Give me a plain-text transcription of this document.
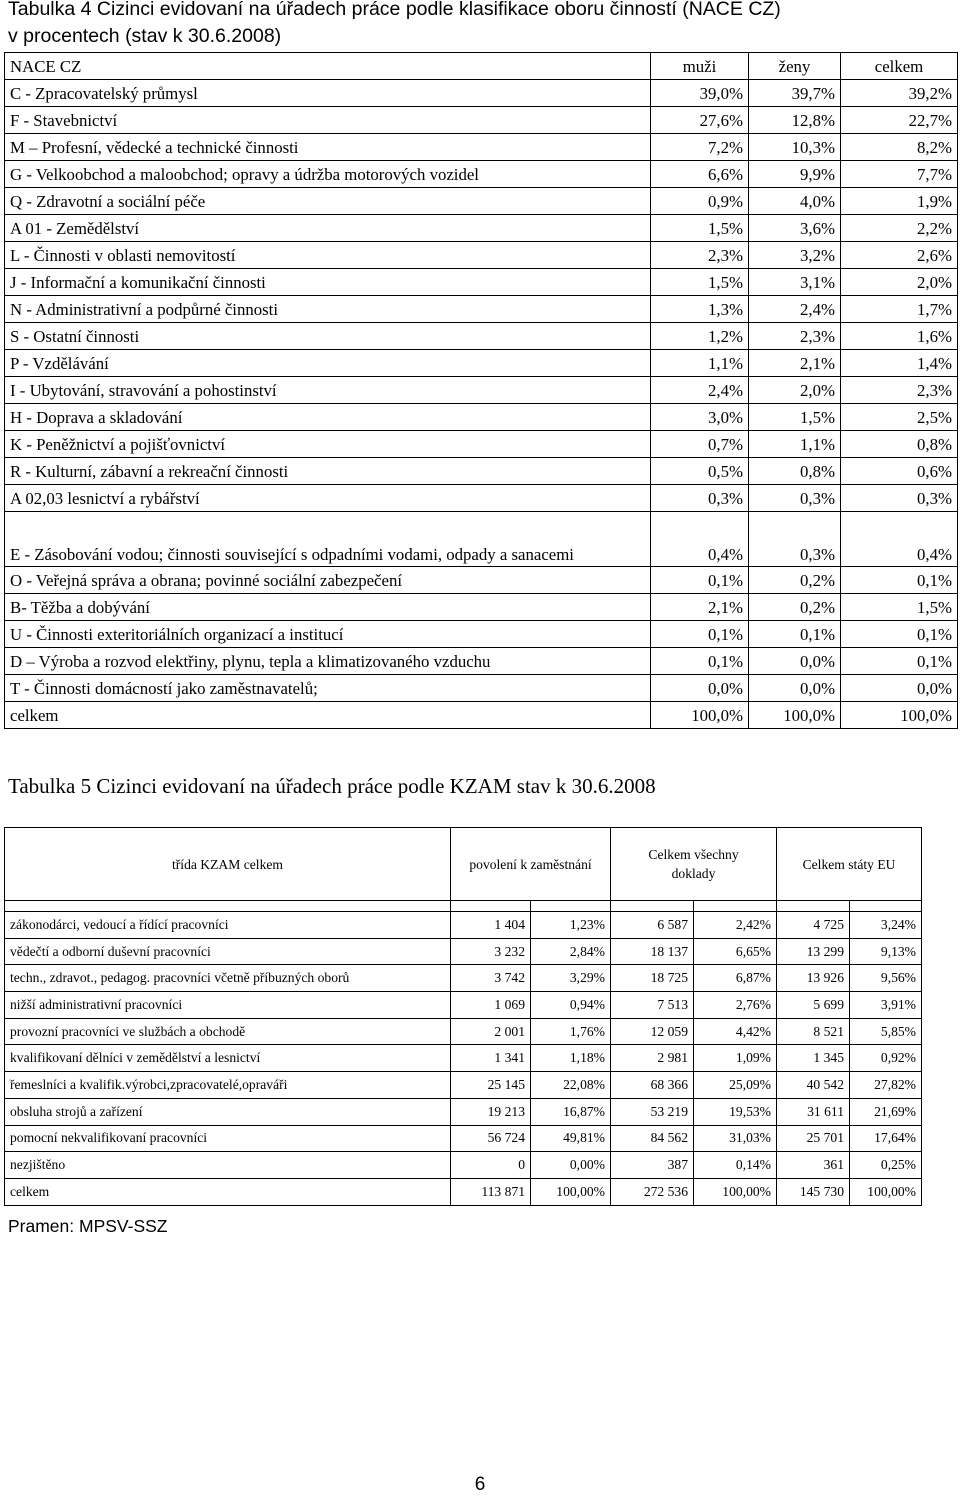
Tabulka 4 Cizinci evidovaní na úřadech práce podle klasifikace oboru činností (NACE CZ)
v procentech (stav k 30.6.2008)
NACE CZ	muži	ženy	celkem
C - Zpracovatelský průmysl	39,0%	39,7%	39,2%
F - Stavebnictví	27,6%	12,8%	22,7%
M – Profesní, vědecké a technické činnosti	7,2%	10,3%	8,2%
G - Velkoobchod a maloobchod; opravy a údržba motorových vozidel	6,6%	9,9%	7,7%
Q - Zdravotní a sociální péče	0,9%	4,0%	1,9%
A 01 - Zemědělství	1,5%	3,6%	2,2%
L - Činnosti v oblasti nemovitostí	2,3%	3,2%	2,6%
J - Informační a komunikační činnosti	1,5%	3,1%	2,0%
N - Administrativní a podpůrné činnosti	1,3%	2,4%	1,7%
S - Ostatní činnosti	1,2%	2,3%	1,6%
P - Vzdělávání	1,1%	2,1%	1,4%
I - Ubytování, stravování a pohostinství	2,4%	2,0%	2,3%
H - Doprava a skladování	3,0%	1,5%	2,5%
K - Peněžnictví a pojišťovnictví	0,7%	1,1%	0,8%
R - Kulturní, zábavní a rekreační činnosti	0,5%	0,8%	0,6%
A 02,03 lesnictví a rybářství	0,3%	0,3%	0,3%
E - Zásobování vodou; činnosti související s odpadními vodami, odpady a sanacemi	0,4%	0,3%	0,4%
O - Veřejná správa a obrana; povinné sociální zabezpečení	0,1%	0,2%	0,1%
B- Těžba a dobývání	2,1%	0,2%	1,5%
U - Činnosti exteritoriálních organizací a institucí	0,1%	0,1%	0,1%
D – Výroba a rozvod elektřiny, plynu, tepla a klimatizovaného vzduchu	0,1%	0,0%	0,1%
T - Činnosti domácností jako zaměstnavatelů;	0,0%	0,0%	0,0%
celkem	100,0%	100,0%	100,0%
Tabulka 5 Cizinci evidovaní na úřadech práce podle KZAM stav k 30.6.2008
třída KZAM celkem	povolení k zaměstnání		Celkem všechny doklady		Celkem státy EU	

zákonodárci, vedoucí a řídící pracovníci	1 404	1,23%	6 587	2,42%	4 725	3,24%
vědečtí a odborní duševní pracovníci	3 232	2,84%	18 137	6,65%	13 299	9,13%
techn., zdravot., pedagog. pracovníci včetně příbuzných oborů	3 742	3,29%	18 725	6,87%	13 926	9,56%
nižší administrativní pracovníci	1 069	0,94%	7 513	2,76%	5 699	3,91%
provozní pracovníci ve službách a obchodě	2 001	1,76%	12 059	4,42%	8 521	5,85%
kvalifikovaní dělníci v zemědělství a lesnictví	1 341	1,18%	2 981	1,09%	1 345	0,92%
řemeslníci a kvalifik.výrobci,zpracovatelé,opraváři	25 145	22,08%	68 366	25,09%	40 542	27,82%
obsluha strojů a zařízení	19 213	16,87%	53 219	19,53%	31 611	21,69%
pomocní nekvalifikovaní pracovníci	56 724	49,81%	84 562	31,03%	25 701	17,64%
nezjištěno	0	0,00%	387	0,14%	361	0,25%
celkem	113 871	100,00%	272 536	100,00%	145 730	100,00%

Pramen: MPSV-SSZ

6
